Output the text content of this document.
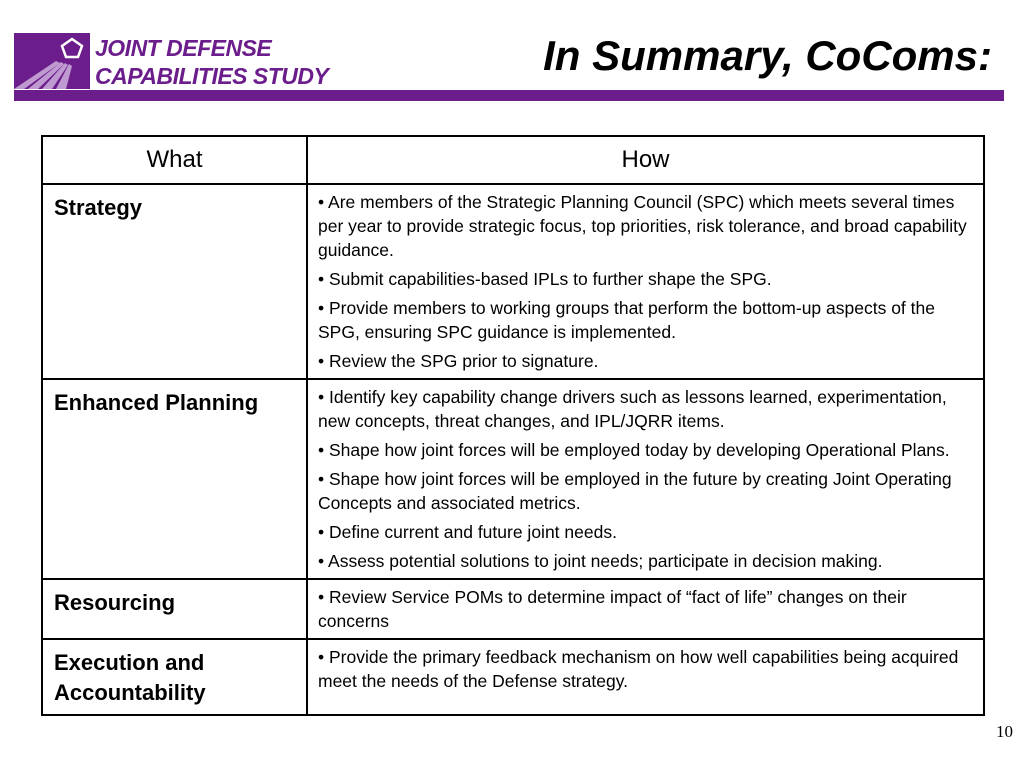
JOINT DEFENSE
CAPABILITIES STUDY	In Summary, CoComs:
What	How
Strategy	• Are members of the Strategic Planning Council (SPC) which meets several times per year to provide strategic focus, top priorities, risk tolerance, and broad capability guidance.
• Submit capabilities-based IPLs to further shape the SPG.
• Provide members to working groups that perform the bottom-up aspects of the SPG, ensuring SPC guidance is implemented.
• Review the SPG prior to signature.

Enhanced Planning	• Identify key capability change drivers such as lessons learned, experimentation, new concepts, threat changes, and IPL/JQRR items.
• Shape how joint forces will be employed today by developing Operational Plans.
• Shape how joint forces will be employed in the future by creating Joint Operating Concepts and associated metrics.
• Define current and future joint needs.
• Assess potential solutions to joint needs; participate in decision making.

Resourcing	• Review Service POMs to determine impact of “fact of life” changes on their concerns

Execution and Accountability	• Provide the primary feedback mechanism on how well capabilities being acquired meet the needs of the Defense strategy.
10
